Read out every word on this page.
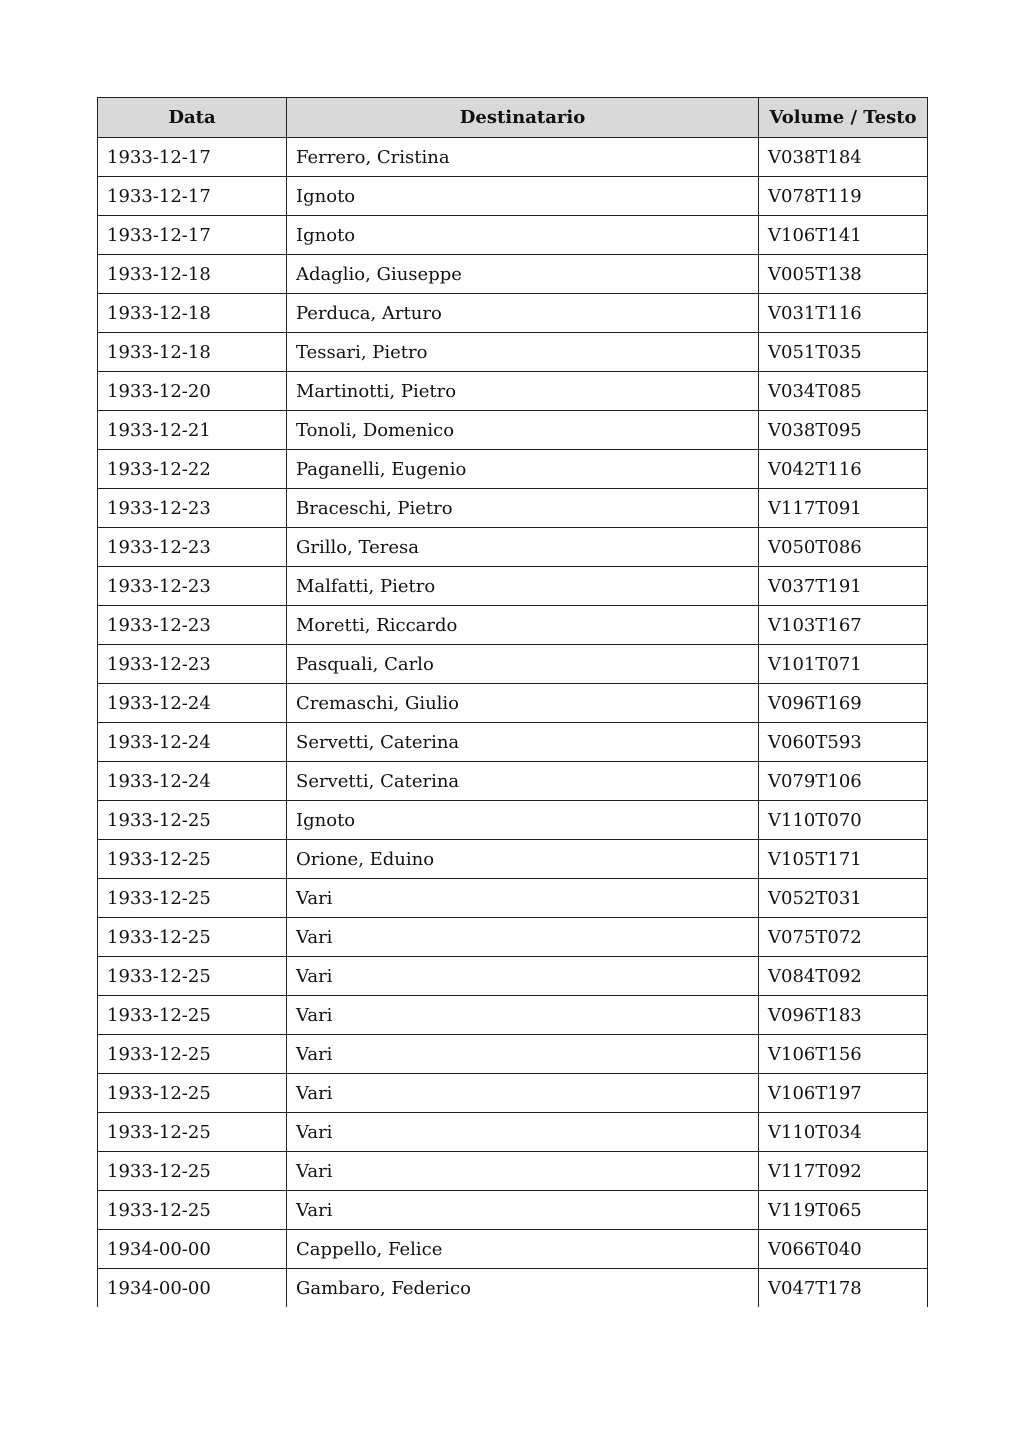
Data	Destinatario	Volume / Testo
1933-12-17	Ferrero, Cristina	V038T184
1933-12-17	Ignoto	V078T119
1933-12-17	Ignoto	V106T141
1933-12-18	Adaglio, Giuseppe	V005T138
1933-12-18	Perduca, Arturo	V031T116
1933-12-18	Tessari, Pietro	V051T035
1933-12-20	Martinotti, Pietro	V034T085
1933-12-21	Tonoli, Domenico	V038T095
1933-12-22	Paganelli, Eugenio	V042T116
1933-12-23	Braceschi, Pietro	V117T091
1933-12-23	Grillo, Teresa	V050T086
1933-12-23	Malfatti, Pietro	V037T191
1933-12-23	Moretti, Riccardo	V103T167
1933-12-23	Pasquali, Carlo	V101T071
1933-12-24	Cremaschi, Giulio	V096T169
1933-12-24	Servetti, Caterina	V060T593
1933-12-24	Servetti, Caterina	V079T106
1933-12-25	Ignoto	V110T070
1933-12-25	Orione, Eduino	V105T171
1933-12-25	Vari	V052T031
1933-12-25	Vari	V075T072
1933-12-25	Vari	V084T092
1933-12-25	Vari	V096T183
1933-12-25	Vari	V106T156
1933-12-25	Vari	V106T197
1933-12-25	Vari	V110T034
1933-12-25	Vari	V117T092
1933-12-25	Vari	V119T065
1934-00-00	Cappello, Felice	V066T040
1934-00-00	Gambaro, Federico	V047T178
